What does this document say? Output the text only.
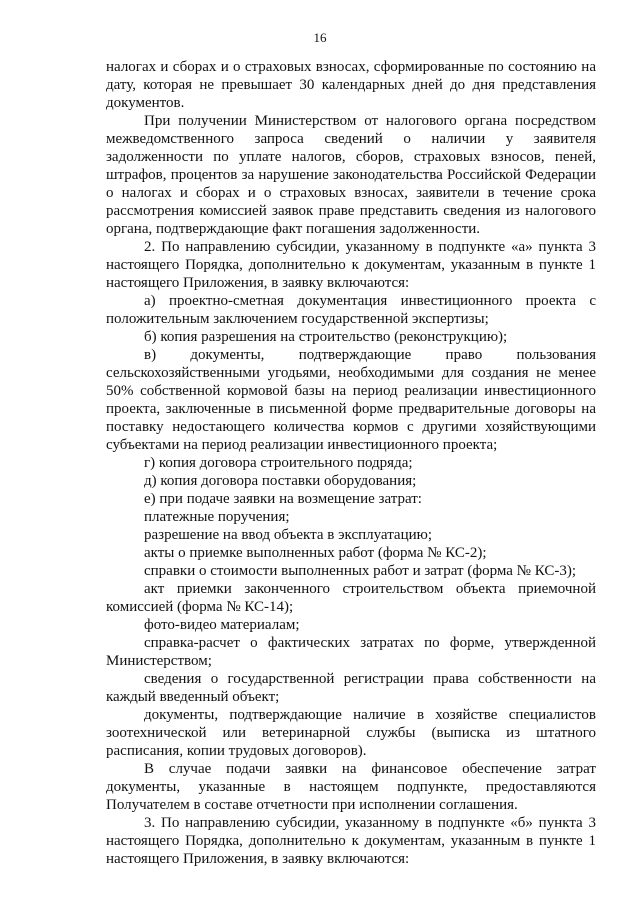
16

налогах и сборах и о страховых взносах, сформированные по состоянию на дату, которая не превышает 30 календарных дней до дня представления документов.

При получении Министерством от налогового органа посредством межведомственного запроса сведений о наличии у заявителя задолженности по уплате налогов, сборов, страховых взносов, пеней, штрафов, процентов за нарушение законодательства Российской Федерации о налогах и сборах и о страховых взносах, заявители в течение срока рассмотрения комиссией заявок праве представить сведения из налогового органа, подтверждающие факт погашения задолженности.

2. По направлению субсидии, указанному в подпункте «а» пункта 3 настоящего Порядка, дополнительно к документам, указанным в пункте 1 настоящего Приложения, в заявку включаются:

а) проектно-сметная документация инвестиционного проекта с положительным заключением государственной экспертизы;

б) копия разрешения на строительство (реконструкцию);

в) документы, подтверждающие право пользования сельскохозяйственными угодьями, необходимыми для создания не менее 50% собственной кормовой базы на период реализации инвестиционного проекта, заключенные в письменной форме предварительные договоры на поставку недостающего количества кормов с другими хозяйствующими субъектами на период реализации инвестиционного проекта;

г) копия договора строительного подряда;

д) копия договора поставки оборудования;

е) при подаче заявки на возмещение затрат:

платежные поручения;

разрешение на ввод объекта в эксплуатацию;

акты о приемке выполненных работ (форма № КС-2);

справки о стоимости выполненных работ и затрат (форма № КС-3);

акт приемки законченного строительством объекта приемочной комиссией (форма № КС-14);

фото-видео материалам;

справка-расчет о фактических затратах по форме, утвержденной Министерством;

сведения о государственной регистрации права собственности на каждый введенный объект;

документы, подтверждающие наличие в хозяйстве специалистов зоотехнической или ветеринарной службы (выписка из штатного расписания, копии трудовых договоров).

В случае подачи заявки на финансовое обеспечение затрат документы, указанные в настоящем подпункте, предоставляются Получателем в составе отчетности при исполнении соглашения.

3. По направлению субсидии, указанному в подпункте «б» пункта 3 настоящего Порядка, дополнительно к документам, указанным в пункте 1 настоящего Приложения, в заявку включаются:
